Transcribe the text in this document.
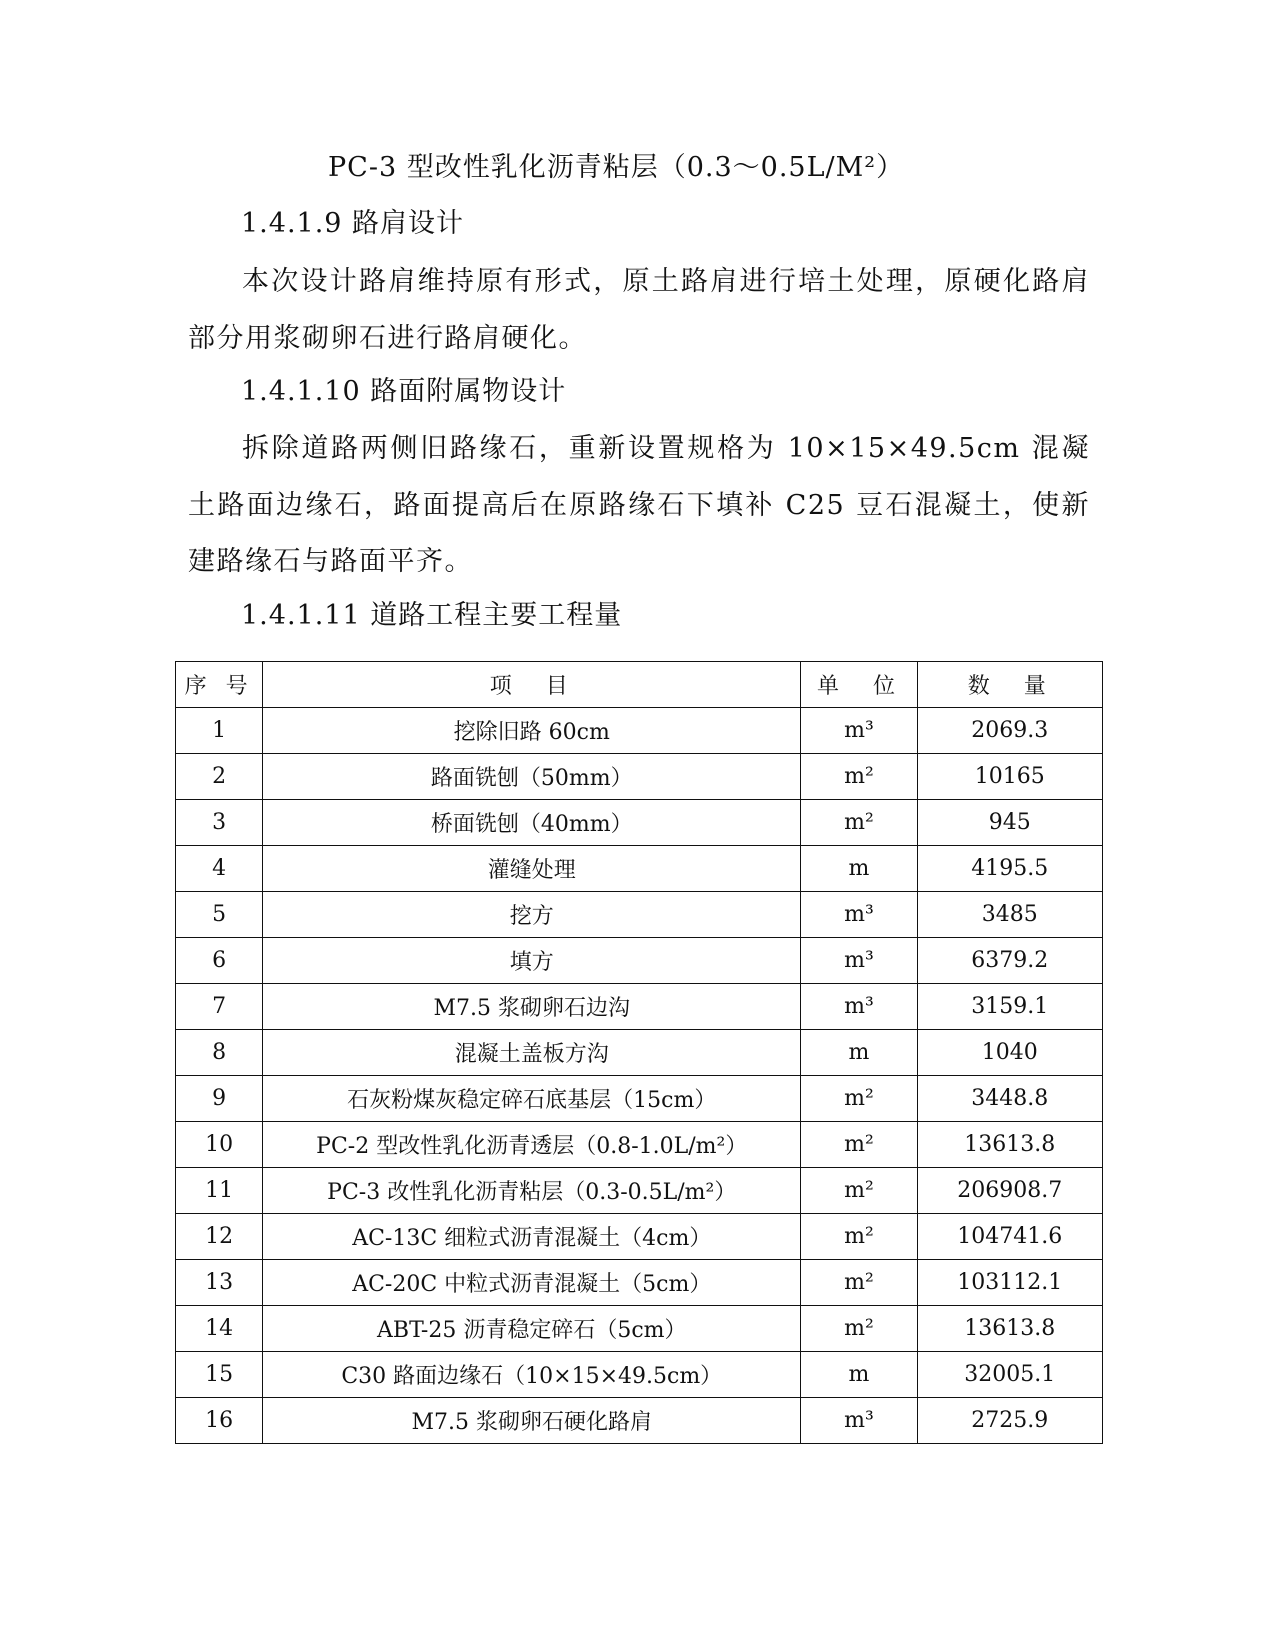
PC-3 型改性乳化沥青粘层（0.3～0.5L/M²）
1.4.1.9 路肩设计
本次设计路肩维持原有形式，原土路肩进行培土处理，原硬化路肩部分用浆砌卵石进行路肩硬化。
1.4.1.10 路面附属物设计
拆除道路两侧旧路缘石，重新设置规格为 10×15×49.5cm 混凝土路面边缘石，路面提高后在原路缘石下填补 C25 豆石混凝土，使新建路缘石与路面平齐。
1.4.1.11 道路工程主要工程量
序 号	项　目	单　位	数　量
1	挖除旧路 60cm	m³	2069.3
2	路面铣刨（50mm）	m²	10165
3	桥面铣刨（40mm）	m²	945
4	灌缝处理	m	4195.5
5	挖方	m³	3485
6	填方	m³	6379.2
7	M7.5 浆砌卵石边沟	m³	3159.1
8	混凝土盖板方沟	m	1040
9	石灰粉煤灰稳定碎石底基层（15cm）	m²	3448.8
10	PC-2 型改性乳化沥青透层（0.8-1.0L/m²）	m²	13613.8
11	PC-3 改性乳化沥青粘层（0.3-0.5L/m²）	m²	206908.7
12	AC-13C 细粒式沥青混凝土（4cm）	m²	104741.6
13	AC-20C 中粒式沥青混凝土（5cm）	m²	103112.1
14	ABT-25 沥青稳定碎石（5cm）	m²	13613.8
15	C30 路面边缘石（10×15×49.5cm）	m	32005.1
16	M7.5 浆砌卵石硬化路肩	m³	2725.9
